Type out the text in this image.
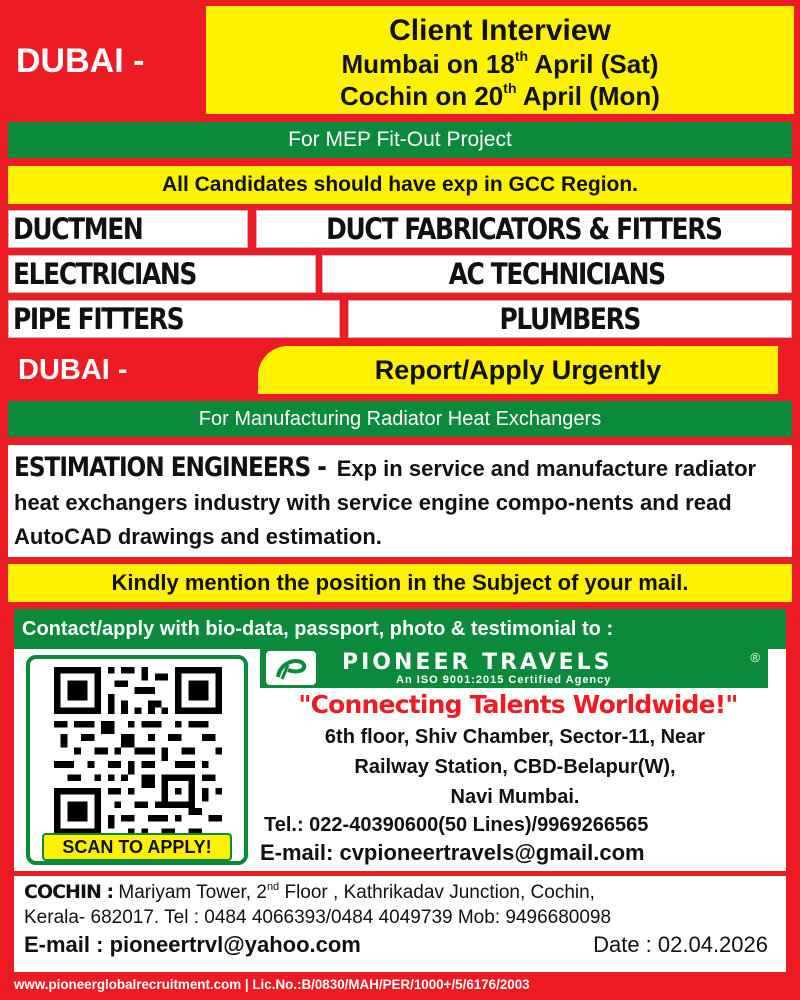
DUBAI -
Client Interview
Mumbai on 18th April (Sat)
Cochin on 20th April (Mon)
For MEP Fit-Out Project
All Candidates should have exp in GCC Region.
DUCTMEN	DUCT FABRICATORS & FITTERS
ELECTRICIANS	AC TECHNICIANS
PIPE FITTERS	PLUMBERS
DUBAI -	Report/Apply Urgently
For Manufacturing Radiator Heat Exchangers
ESTIMATION ENGINEERS - Exp in service and manufacture radiator heat exchangers industry with service engine compo-nents and read AutoCAD drawings and estimation.
Kindly mention the position in the Subject of your mail.
Contact/apply with bio-data, passport, photo & testimonial to :
SCAN TO APPLY!
PIONEER TRAVELS
An ISO 9001:2015 Certified Agency
®
"Connecting Talents Worldwide!"
6th floor, Shiv Chamber, Sector-11, Near
Railway Station, CBD-Belapur(W),
Navi Mumbai.
Tel.: 022-40390600(50 Lines)/9969266565
E-mail: cvpioneertravels@gmail.com
COCHIN : Mariyam Tower, 2nd Floor , Kathrikadav Junction, Cochin,
Kerala- 682017. Tel : 0484 4066393/0484 4049739 Mob: 9496680098
E-mail : pioneertrvl@yahoo.com	Date : 02.04.2026
www.pioneerglobalrecruitment.com | Lic.No.:B/0830/MAH/PER/1000+/5/6176/2003
